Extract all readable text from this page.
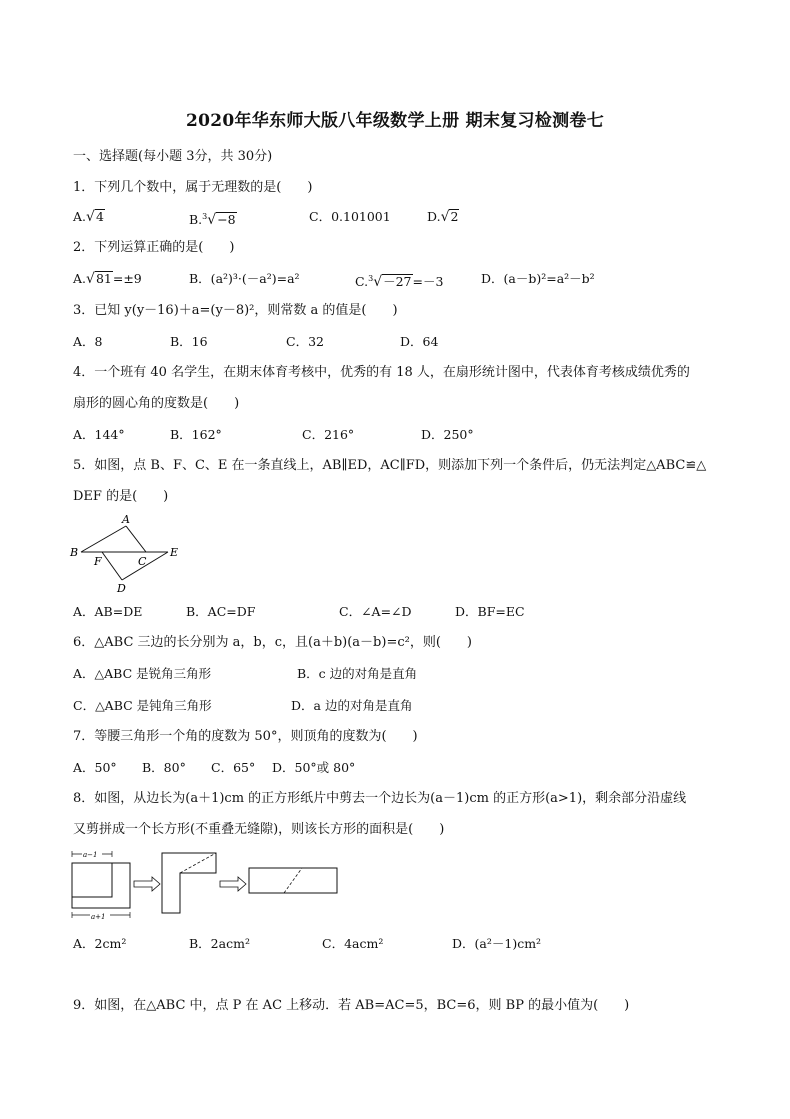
2020年华东师大版八年级数学上册 期末复习检测卷七
一、选择题(每小题 3分，共 30分)
1．下列几个数中，属于无理数的是(　　)
A.√4	B.$^3$√−8	C．0.101001	D.√2
2．下列运算正确的是(　　)
A.√81=±9	B．(a²)³·(－a²)=a²	C.$^3$√－27=－3	D．(a－b)²=a²－b²
3．已知 y(y－16)＋a=(y－8)²，则常数 a 的值是(　　)
A．8	B．16	C．32	D．64
4．一个班有 40 名学生，在期末体育考核中，优秀的有 18 人，在扇形统计图中，代表体育考核成绩优秀的
扇形的圆心角的度数是(　　)
A．144°	B．162°	C．216°	D．250°
5．如图，点 B、F、C、E 在一条直线上，AB∥ED，AC∥FD，则添加下列一个条件后，仍无法判定△ABC≌△
DEF 的是(　　)
A
B
F	C
E
D
A．AB=DE	B．AC=DF	C．∠A=∠D	D．BF=EC
6．△ABC 三边的长分别为 a，b，c，且(a＋b)(a－b)=c²，则(　　)
A．△ABC 是锐角三角形	B．c 边的对角是直角
C．△ABC 是钝角三角形	D．a 边的对角是直角
7．等腰三角形一个角的度数为 50°，则顶角的度数为(　　)
A．50° B．80° C．65° D．50°或 80°
8．如图，从边长为(a＋1)cm 的正方形纸片中剪去一个边长为(a－1)cm 的正方形(a>1)，剩余部分沿虚线
又剪拼成一个长方形(不重叠无缝隙)，则该长方形的面积是(　　)
a−1
a+1
A．2cm²	B．2acm²	C．4acm²	D．(a²－1)cm²
9．如图，在△ABC 中，点 P 在 AC 上移动．若 AB=AC=5，BC=6，则 BP 的最小值为(　　)
